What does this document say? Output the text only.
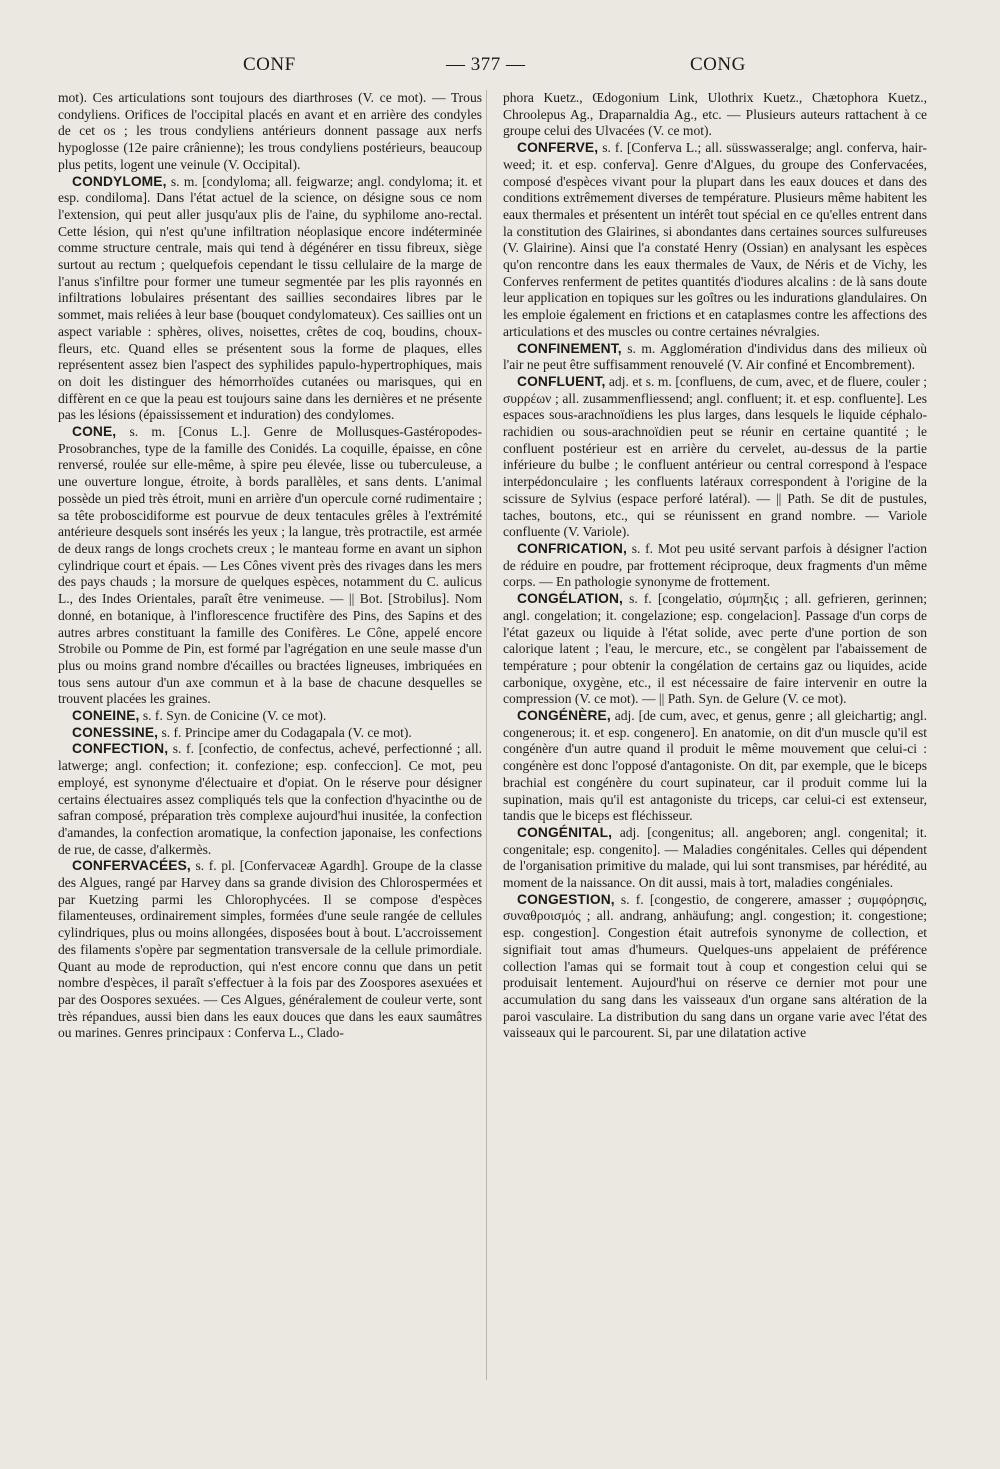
CONF	— 377 —	CONG

mot). Ces articulations sont toujours des diarthroses (V. ce mot). — Trous condyliens. Orifices de l'occipital placés en avant et en arrière des condyles de cet os ; les trous condyliens antérieurs donnent passage aux nerfs hypoglosse (12e paire crânienne); les trous condyliens postérieurs, beaucoup plus petits, logent une veinule (V. Occipital).

CONDYLOME, s. m. [condyloma; all. feigwarze; angl. condyloma; it. et esp. condiloma]. Dans l'état actuel de la science, on désigne sous ce nom l'extension, qui peut aller jusqu'aux plis de l'aine, du syphilome ano-rectal. Cette lésion, qui n'est qu'une infiltration néoplasique encore indéterminée comme structure centrale, mais qui tend à dégénérer en tissu fibreux, siège surtout au rectum ; quelquefois cependant le tissu cellulaire de la marge de l'anus s'infiltre pour former une tumeur segmentée par les plis rayonnés en infiltrations lobulaires présentant des saillies secondaires libres par le sommet, mais reliées à leur base (bouquet condylomateux). Ces saillies ont un aspect variable : sphères, olives, noisettes, crêtes de coq, boudins, choux-fleurs, etc. Quand elles se présentent sous la forme de plaques, elles représentent assez bien l'aspect des syphilides papulo-hypertrophiques, mais on doit les distinguer des hémorrhoïdes cutanées ou marisques, qui en diffèrent en ce que la peau est toujours saine dans les dernières et ne présente pas les lésions (épaississement et induration) des condylomes.

CONE, s. m. [Conus L.]. Genre de Mollusques-Gastéropodes-Prosobranches, type de la famille des Conidés. La coquille, épaisse, en cône renversé, roulée sur elle-même, à spire peu élevée, lisse ou tuberculeuse, a une ouverture longue, étroite, à bords parallèles, et sans dents. L'animal possède un pied très étroit, muni en arrière d'un opercule corné rudimentaire ; sa tête proboscidiforme est pourvue de deux tentacules grêles à l'extrémité antérieure desquels sont insérés les yeux ; la langue, très protractile, est armée de deux rangs de longs crochets creux ; le manteau forme en avant un siphon cylindrique court et épais. — Les Cônes vivent près des rivages dans les mers des pays chauds ; la morsure de quelques espèces, notamment du C. aulicus L., des Indes Orientales, paraît être venimeuse. — || Bot. [Strobilus]. Nom donné, en botanique, à l'inflorescence fructifère des Pins, des Sapins et des autres arbres constituant la famille des Conifères. Le Cône, appelé encore Strobile ou Pomme de Pin, est formé par l'agrégation en une seule masse d'un plus ou moins grand nombre d'écailles ou bractées ligneuses, imbriquées en tous sens autour d'un axe commun et à la base de chacune desquelles se trouvent placées les graines.

CONEINE, s. f. Syn. de Conicine (V. ce mot).

CONESSINE, s. f. Principe amer du Codagapala (V. ce mot).

CONFECTION, s. f. [confectio, de confectus, achevé, perfectionné ; all. latwerge; angl. confection; it. confezione; esp. confeccion]. Ce mot, peu employé, est synonyme d'électuaire et d'opiat. On le réserve pour désigner certains électuaires assez compliqués tels que la confection d'hyacinthe ou de safran composé, préparation très complexe aujourd'hui inusitée, la confection d'amandes, la confection aromatique, la confection japonaise, les confections de rue, de casse, d'alkermès.

CONFERVACÉES, s. f. pl. [Confervaceæ Agardh]. Groupe de la classe des Algues, rangé par Harvey dans sa grande division des Chlorospermées et par Kuetzing parmi les Chlorophycées. Il se compose d'espèces filamenteuses, ordinairement simples, formées d'une seule rangée de cellules cylindriques, plus ou moins allongées, disposées bout à bout. L'accroissement des filaments s'opère par segmentation transversale de la cellule primordiale. Quant au mode de reproduction, qui n'est encore connu que dans un petit nombre d'espèces, il paraît s'effectuer à la fois par des Zoospores asexuées et par des Oospores sexuées. — Ces Algues, généralement de couleur verte, sont très répandues, aussi bien dans les eaux douces que dans les eaux saumâtres ou marines. Genres principaux : Conferva L., Clado-

phora Kuetz., Œdogonium Link, Ulothrix Kuetz., Chætophora Kuetz., Chroolepus Ag., Draparnaldia Ag., etc. — Plusieurs auteurs rattachent à ce groupe celui des Ulvacées (V. ce mot).

CONFERVE, s. f. [Conferva L.; all. süsswasseralge; angl. conferva, hair-weed; it. et esp. conferva]. Genre d'Algues, du groupe des Confervacées, composé d'espèces vivant pour la plupart dans les eaux douces et dans des conditions extrêmement diverses de température. Plusieurs même habitent les eaux thermales et présentent un intérêt tout spécial en ce qu'elles entrent dans la constitution des Glairines, si abondantes dans certaines sources sulfureuses (V. Glairine). Ainsi que l'a constaté Henry (Ossian) en analysant les espèces qu'on rencontre dans les eaux thermales de Vaux, de Néris et de Vichy, les Conferves renferment de petites quantités d'iodures alcalins : de là sans doute leur application en topiques sur les goîtres ou les indurations glandulaires. On les emploie également en frictions et en cataplasmes contre les affections des articulations et des muscles ou contre certaines névralgies.

CONFINEMENT, s. m. Agglomération d'individus dans des milieux où l'air ne peut être suffisamment renouvelé (V. Air confiné et Encombrement).

CONFLUENT, adj. et s. m. [confluens, de cum, avec, et de fluere, couler ; συρρέων ; all. zusammenfliessend; angl. confluent; it. et esp. confluente]. Les espaces sous-arachnoïdiens les plus larges, dans lesquels le liquide céphalo-rachidien ou sous-arachnoïdien peut se réunir en certaine quantité ; le confluent postérieur est en arrière du cervelet, au-dessus de la partie inférieure du bulbe ; le confluent antérieur ou central correspond à l'espace interpédonculaire ; les confluents latéraux correspondent à l'origine de la scissure de Sylvius (espace perforé latéral). — || Path. Se dit de pustules, taches, boutons, etc., qui se réunissent en grand nombre. — Variole confluente (V. Variole).

CONFRICATION, s. f. Mot peu usité servant parfois à désigner l'action de réduire en poudre, par frottement réciproque, deux fragments d'un même corps. — En pathologie synonyme de frottement.

CONGÉLATION, s. f. [congelatio, σύμπηξις ; all. gefrieren, gerinnen; angl. congelation; it. congelazione; esp. congelacion]. Passage d'un corps de l'état gazeux ou liquide à l'état solide, avec perte d'une portion de son calorique latent ; l'eau, le mercure, etc., se congèlent par l'abaissement de température ; pour obtenir la congélation de certains gaz ou liquides, acide carbonique, oxygène, etc., il est nécessaire de faire intervenir en outre la compression (V. ce mot). — || Path. Syn. de Gelure (V. ce mot).

CONGÉNÈRE, adj. [de cum, avec, et genus, genre ; all gleichartig; angl. congenerous; it. et esp. congenero]. En anatomie, on dit d'un muscle qu'il est congénère d'un autre quand il produit le même mouvement que celui-ci : congénère est donc l'opposé d'antagoniste. On dit, par exemple, que le biceps brachial est congénère du court supinateur, car il produit comme lui la supination, mais qu'il est antagoniste du triceps, car celui-ci est extenseur, tandis que le biceps est fléchisseur.

CONGÉNITAL, adj. [congenitus; all. angeboren; angl. congenital; it. congenitale; esp. congenito]. — Maladies congénitales. Celles qui dépendent de l'organisation primitive du malade, qui lui sont transmises, par hérédité, au moment de la naissance. On dit aussi, mais à tort, maladies congéniales.

CONGESTION, s. f. [congestio, de congerere, amasser ; συμφόρησις, συναθροισμός ; all. andrang, anhäufung; angl. congestion; it. congestione; esp. congestion]. Congestion était autrefois synonyme de collection, et signifiait tout amas d'humeurs. Quelques-uns appelaient de préférence collection l'amas qui se formait tout à coup et congestion celui qui se produisait lentement. Aujourd'hui on réserve ce dernier mot pour une accumulation du sang dans les vaisseaux d'un organe sans altération de la paroi vasculaire. La distribution du sang dans un organe varie avec l'état des vaisseaux qui le parcourent. Si, par une dilatation active
